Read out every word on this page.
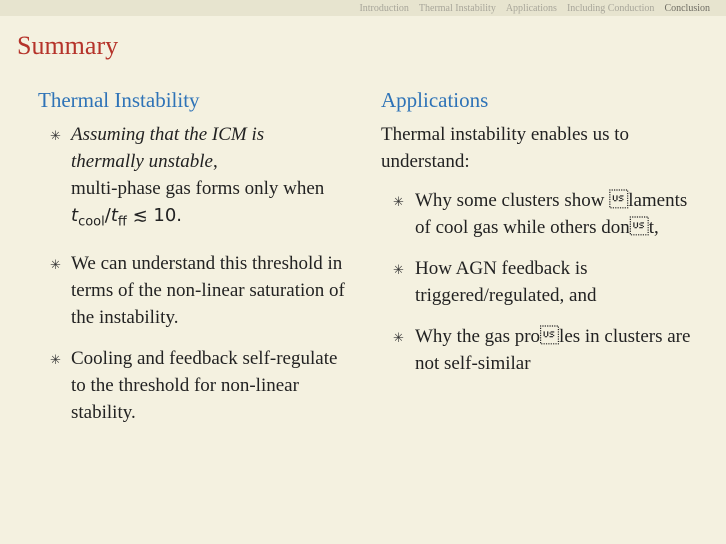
Introduction Thermal Instability Applications Including Conduction Conclusion
Summary
Thermal Instability
✳ Assuming that the ICM is
thermally unstable,
multi-phase gas forms only when $t_{cool}/t_{ff}$ ≲ 10.
✳ We can understand this threshold in terms of the non-linear saturation of the instability.
✳ Cooling and feedback self-regulate to the threshold for non-linear stability.
Applications

Thermal instability enables us to understand:

✳ Why some clusters show laments of cool gas while others dont,
✳ How AGN feedback is triggered/regulated, and
✳ Why the gas proles in clusters are not self-similar
